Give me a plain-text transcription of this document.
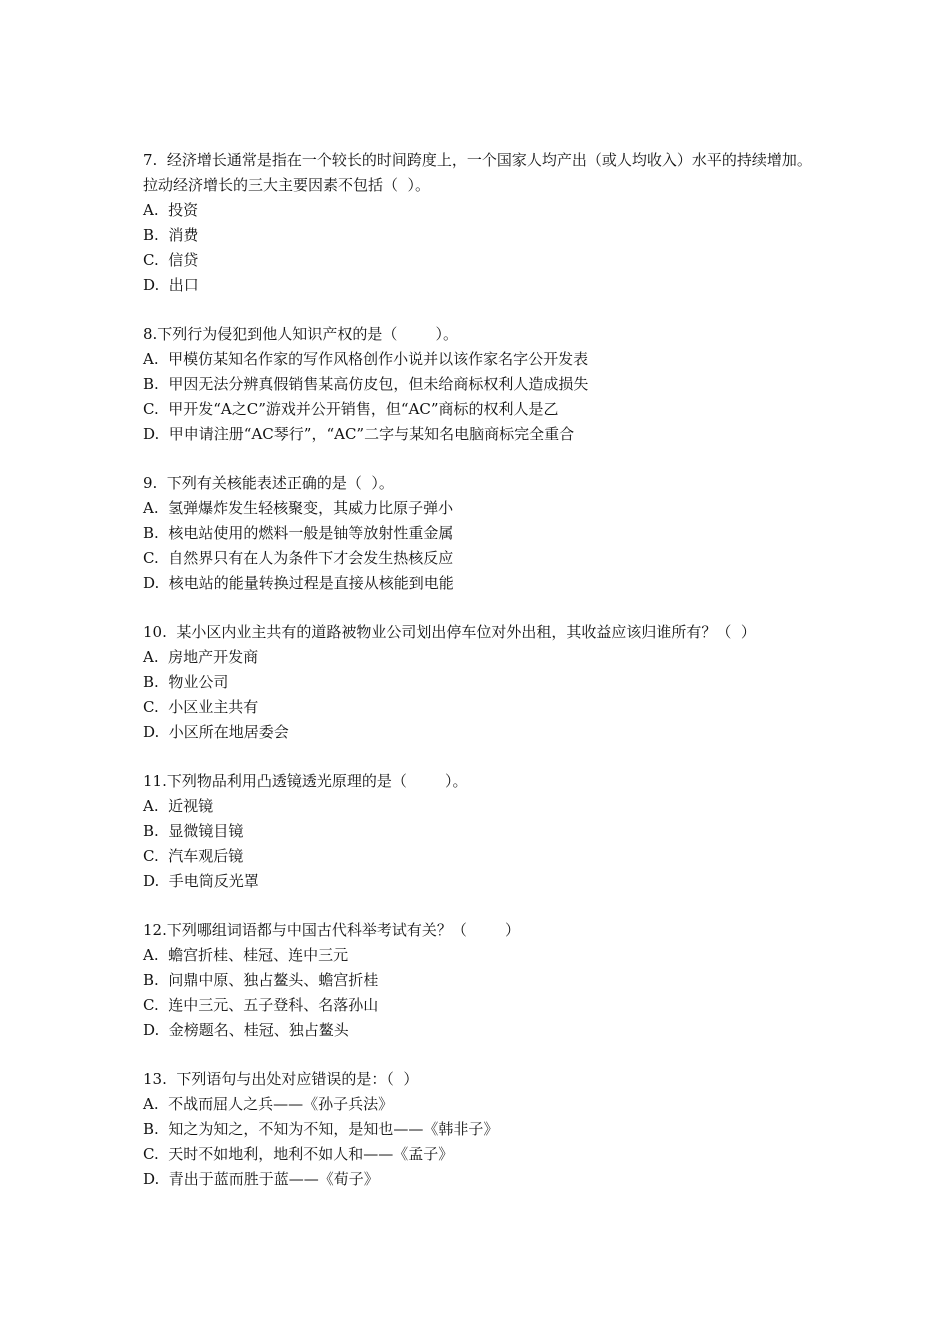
7.  经济增长通常是指在一个较长的时间跨度上，一个国家人均产出（或人均收入）水平的持续增加。拉动经济增长的三大主要因素不包括（  ）。

A.  投资

B.  消费

C.  信贷

D.  出口

8.下列行为侵犯到他人知识产权的是（        ）。

A.  甲模仿某知名作家的写作风格创作小说并以该作家名字公开发表

B.  甲因无法分辨真假销售某高仿皮包，但未给商标权利人造成损失

C.  甲开发“A之C”游戏并公开销售，但“AC”商标的权利人是乙

D.  甲申请注册“AC琴行”，“AC”二字与某知名电脑商标完全重合

9.  下列有关核能表述正确的是（  ）。

A.  氢弹爆炸发生轻核聚变，其威力比原子弹小

B.  核电站使用的燃料一般是铀等放射性重金属

C.  自然界只有在人为条件下才会发生热核反应

D.  核电站的能量转换过程是直接从核能到电能

10.  某小区内业主共有的道路被物业公司划出停车位对外出租，其收益应该归谁所有？（  ）

A.  房地产开发商

B.  物业公司

C.  小区业主共有

D.  小区所在地居委会

11.下列物品利用凸透镜透光原理的是（        ）。

A.  近视镜

B.  显微镜目镜

C.  汽车观后镜

D.  手电筒反光罩

12.下列哪组词语都与中国古代科举考试有关？（        ）

A.  蟾宫折桂、桂冠、连中三元

B.  问鼎中原、独占鳌头、蟾宫折桂

C.  连中三元、五子登科、名落孙山

D.  金榜题名、桂冠、独占鳌头

13.  下列语句与出处对应错误的是：（  ）

A.  不战而屈人之兵——《孙子兵法》

B.  知之为知之，不知为不知，是知也——《韩非子》

C.  天时不如地利，地利不如人和——《孟子》

D.  青出于蓝而胜于蓝——《荀子》
